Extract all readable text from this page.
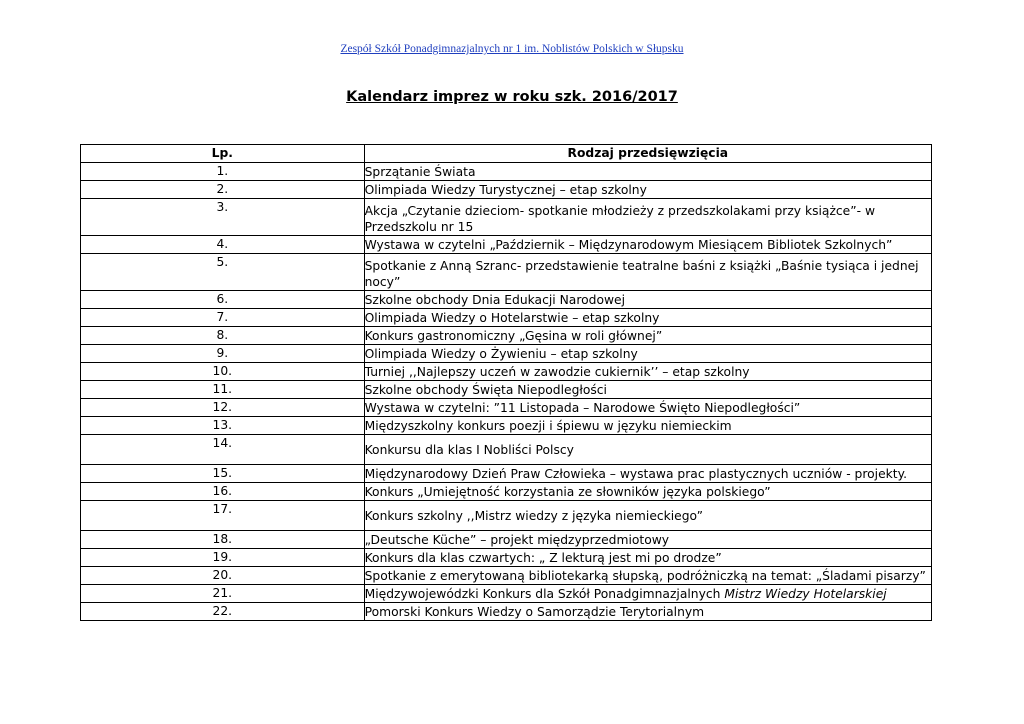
Zespół Szkół Ponadgimnazjalnych nr 1 im. Noblistów Polskich w Słupsku
Kalendarz imprez w roku szk. 2016/2017
Lp.	Rodzaj przedsięwzięcia
1.	Sprzątanie Świata
2.	Olimpiada Wiedzy Turystycznej – etap szkolny
3.	Akcja „Czytanie dzieciom- spotkanie młodzieży z przedszkolakami przy książce”- w Przedszkolu nr 15
4.	Wystawa w czytelni „Październik – Międzynarodowym Miesiącem Bibliotek Szkolnych”
5.	Spotkanie z Anną Szranc- przedstawienie teatralne baśni z książki „Baśnie tysiąca i jednej nocy”
6.	Szkolne obchody Dnia Edukacji Narodowej
7.	Olimpiada Wiedzy o Hotelarstwie – etap szkolny
8.	Konkurs gastronomiczny „Gęsina w roli głównej”
9.	Olimpiada Wiedzy o Żywieniu – etap szkolny
10.	Turniej ,,Najlepszy uczeń w zawodzie cukiernik’’ – etap szkolny
11.	Szkolne obchody Święta Niepodległości
12.	Wystawa w czytelni: ”11 Listopada – Narodowe Święto Niepodległości”
13.	Międzyszkolny konkurs poezji i śpiewu w języku niemieckim
14.	Konkursu dla klas I Nobliści Polscy
15.	Międzynarodowy Dzień Praw Człowieka – wystawa prac plastycznych uczniów - projekty.
16.	Konkurs „Umiejętność korzystania ze słowników języka polskiego”
17.	Konkurs szkolny ,,Mistrz wiedzy z języka niemieckiego”
18.	„Deutsche Küche” – projekt międzyprzedmiotowy
19.	Konkurs dla klas czwartych: „ Z lekturą jest mi po drodze”
20.	Spotkanie z emerytowaną bibliotekarką słupską, podróżniczką na temat: „Śladami pisarzy”
21.	Międzywojewódzki Konkurs dla Szkół Ponadgimnazjalnych Mistrz Wiedzy Hotelarskiej
22.	Pomorski Konkurs Wiedzy o Samorządzie Terytorialnym
